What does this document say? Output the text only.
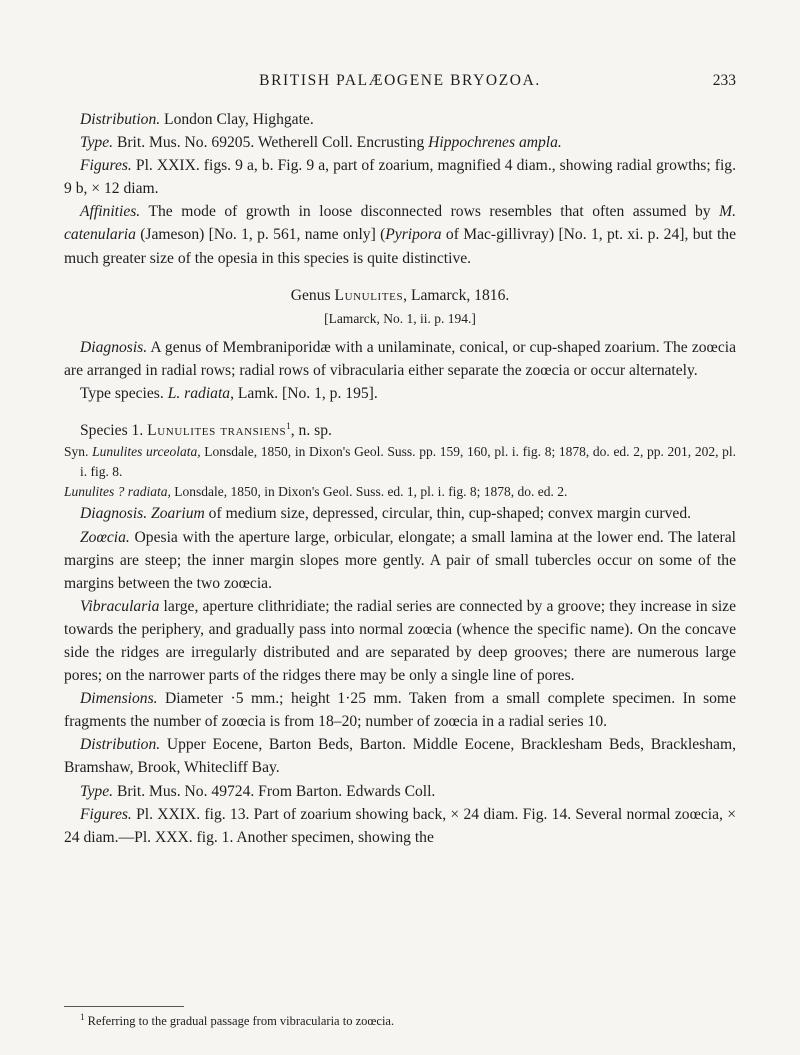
BRITISH PALÆOGENE BRYOZOA.	233

Distribution. London Clay, Highgate.

Type. Brit. Mus. No. 69205. Wetherell Coll. Encrusting Hippochrenes ampla.

Figures. Pl. XXIX. figs. 9 a, b. Fig. 9 a, part of zoarium, magnified 4 diam., showing radial growths; fig. 9 b, × 12 diam.

Affinities. The mode of growth in loose disconnected rows resembles that often assumed by M. catenularia (Jameson) [No. 1, p. 561, name only] (Pyripora of Mac-gillivray) [No. 1, pt. xi. p. 24], but the much greater size of the opesia in this species is quite distinctive.

Genus Lunulites, Lamarck, 1816.

[Lamarck, No. 1, ii. p. 194.]

Diagnosis. A genus of Membraniporidæ with a unilaminate, conical, or cup-shaped zoarium. The zoœcia are arranged in radial rows; radial rows of vibracularia either separate the zoœcia or occur alternately.

Type species. L. radiata, Lamk. [No. 1, p. 195].

Species 1. Lunulites transiens$^1$, n. sp.

Syn. Lunulites urceolata, Lonsdale, 1850, in Dixon's Geol. Suss. pp. 159, 160, pl. i. fig. 8; 1878, do. ed. 2, pp. 201, 202, pl. i. fig. 8.

Lunulites ? radiata, Lonsdale, 1850, in Dixon's Geol. Suss. ed. 1, pl. i. fig. 8; 1878, do. ed. 2.

Diagnosis. Zoarium of medium size, depressed, circular, thin, cup-shaped; convex margin curved.

Zoœcia. Opesia with the aperture large, orbicular, elongate; a small lamina at the lower end. The lateral margins are steep; the inner margin slopes more gently. A pair of small tubercles occur on some of the margins between the two zoœcia.

Vibracularia large, aperture clithridiate; the radial series are connected by a groove; they increase in size towards the periphery, and gradually pass into normal zoœcia (whence the specific name). On the concave side the ridges are irregularly distributed and are separated by deep grooves; there are numerous large pores; on the narrower parts of the ridges there may be only a single line of pores.

Dimensions. Diameter ·5 mm.; height 1·25 mm. Taken from a small complete specimen. In some fragments the number of zoœcia is from 18–20; number of zoœcia in a radial series 10.

Distribution. Upper Eocene, Barton Beds, Barton. Middle Eocene, Bracklesham Beds, Bracklesham, Bramshaw, Brook, Whitecliff Bay.

Type. Brit. Mus. No. 49724. From Barton. Edwards Coll.

Figures. Pl. XXIX. fig. 13. Part of zoarium showing back, × 24 diam. Fig. 14. Several normal zoœcia, × 24 diam.—Pl. XXX. fig. 1. Another specimen, showing the

$^1$ Referring to the gradual passage from vibracularia to zoœcia.
